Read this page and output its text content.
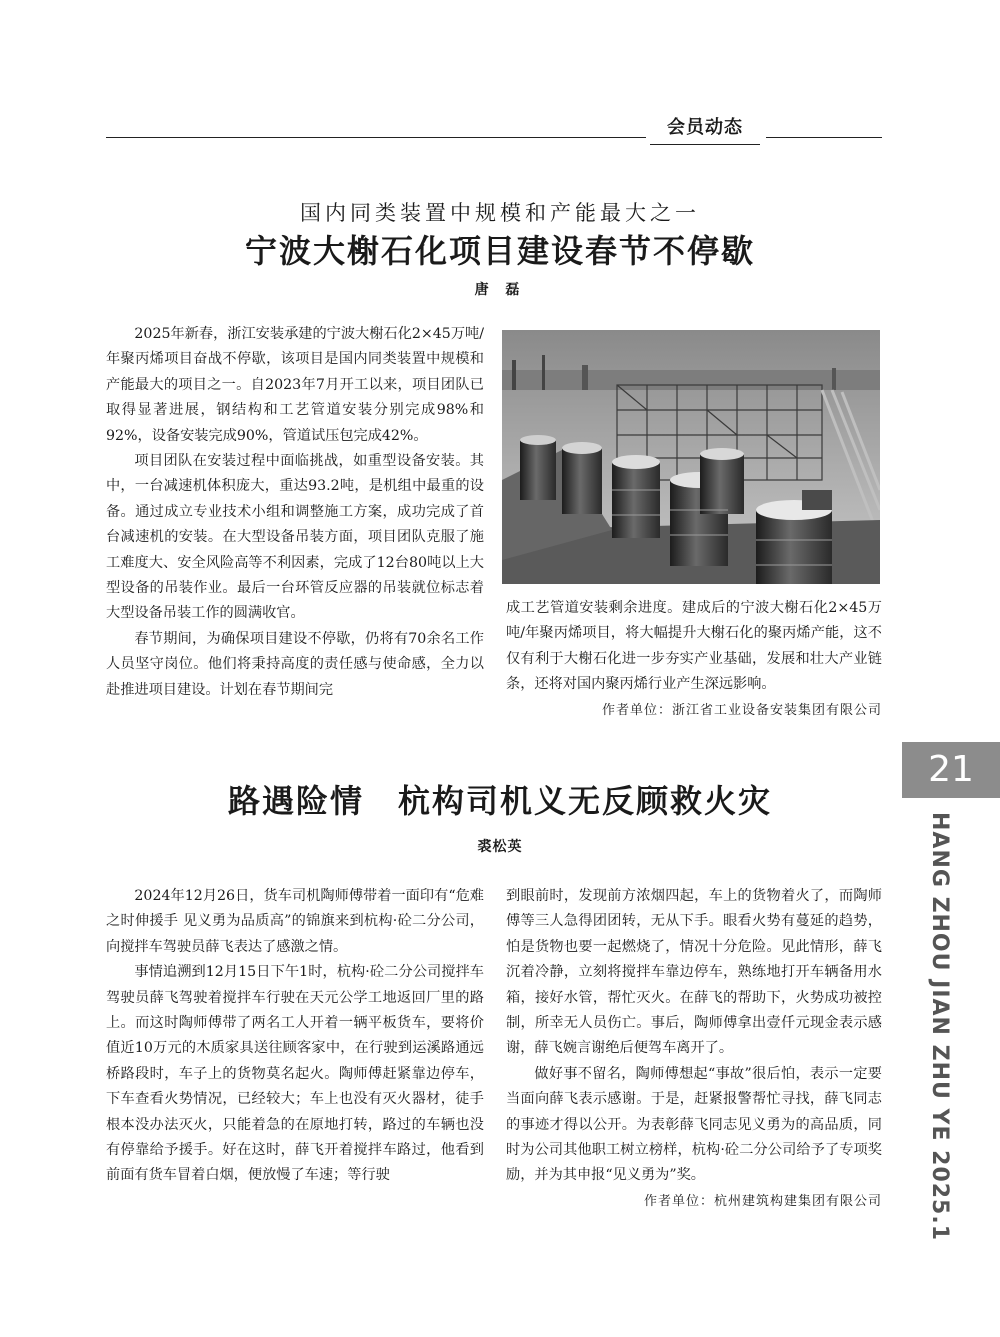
会员动态
国内同类装置中规模和产能最大之一
宁波大榭石化项目建设春节不停歇
唐 磊

2025年新春，浙江安装承建的宁波大榭石化2×45万吨/年聚丙烯项目奋战不停歇，该项目是国内同类装置中规模和产能最大的项目之一。自2023年7月开工以来，项目团队已取得显著进展，钢结构和工艺管道安装分别完成98%和92%，设备安装完成90%，管道试压包完成42%。

项目团队在安装过程中面临挑战，如重型设备安装。其中，一台减速机体积庞大，重达93.2吨，是机组中最重的设备。通过成立专业技术小组和调整施工方案，成功完成了首台减速机的安装。在大型设备吊装方面，项目团队克服了施工难度大、安全风险高等不利因素，完成了12台80吨以上大型设备的吊装作业。最后一台环管反应器的吊装就位标志着大型设备吊装工作的圆满收官。

春节期间，为确保项目建设不停歇，仍将有70余名工作人员坚守岗位。他们将秉持高度的责任感与使命感，全力以赴推进项目建设。计划在春节期间完

成工艺管道安装剩余进度。建成后的宁波大榭石化2×45万吨/年聚丙烯项目，将大幅提升大榭石化的聚丙烯产能，这不仅有利于大榭石化进一步夯实产业基础，发展和壮大产业链条，还将对国内聚丙烯行业产生深远影响。

作者单位：浙江省工业设备安装集团有限公司

21
HANG ZHOU JIAN ZHU YE 2025.1
路遇险情　杭构司机义无反顾救火灾
裘松英

2024年12月26日，货车司机陶师傅带着一面印有“危难之时伸援手 见义勇为品质高”的锦旗来到杭构·砼二分公司，向搅拌车驾驶员薛飞表达了感激之情。

事情追溯到12月15日下午1时，杭构·砼二分公司搅拌车驾驶员薛飞驾驶着搅拌车行驶在天元公学工地返回厂里的路上。而这时陶师傅带了两名工人开着一辆平板货车，要将价值近10万元的木质家具送往顾客家中，在行驶到运溪路通远桥路段时，车子上的货物莫名起火。陶师傅赶紧靠边停车，下车查看火势情况，已经较大；车上也没有灭火器材，徒手根本没办法灭火，只能着急的在原地打转，路过的车辆也没有停靠给予援手。好在这时，薛飞开着搅拌车路过，他看到前面有货车冒着白烟，便放慢了车速；等行驶

到眼前时，发现前方浓烟四起，车上的货物着火了，而陶师傅等三人急得团团转，无从下手。眼看火势有蔓延的趋势，怕是货物也要一起燃烧了，情况十分危险。见此情形，薛飞沉着冷静，立刻将搅拌车靠边停车，熟练地打开车辆备用水箱，接好水管，帮忙灭火。在薛飞的帮助下，火势成功被控制，所幸无人员伤亡。事后，陶师傅拿出壹仟元现金表示感谢，薛飞婉言谢绝后便驾车离开了。

做好事不留名，陶师傅想起“事故”很后怕，表示一定要当面向薛飞表示感谢。于是，赶紧报警帮忙寻找，薛飞同志的事迹才得以公开。为表彰薛飞同志见义勇为的高品质，同时为公司其他职工树立榜样，杭构·砼二分公司给予了专项奖励，并为其申报“见义勇为”奖。

作者单位：杭州建筑构建集团有限公司
